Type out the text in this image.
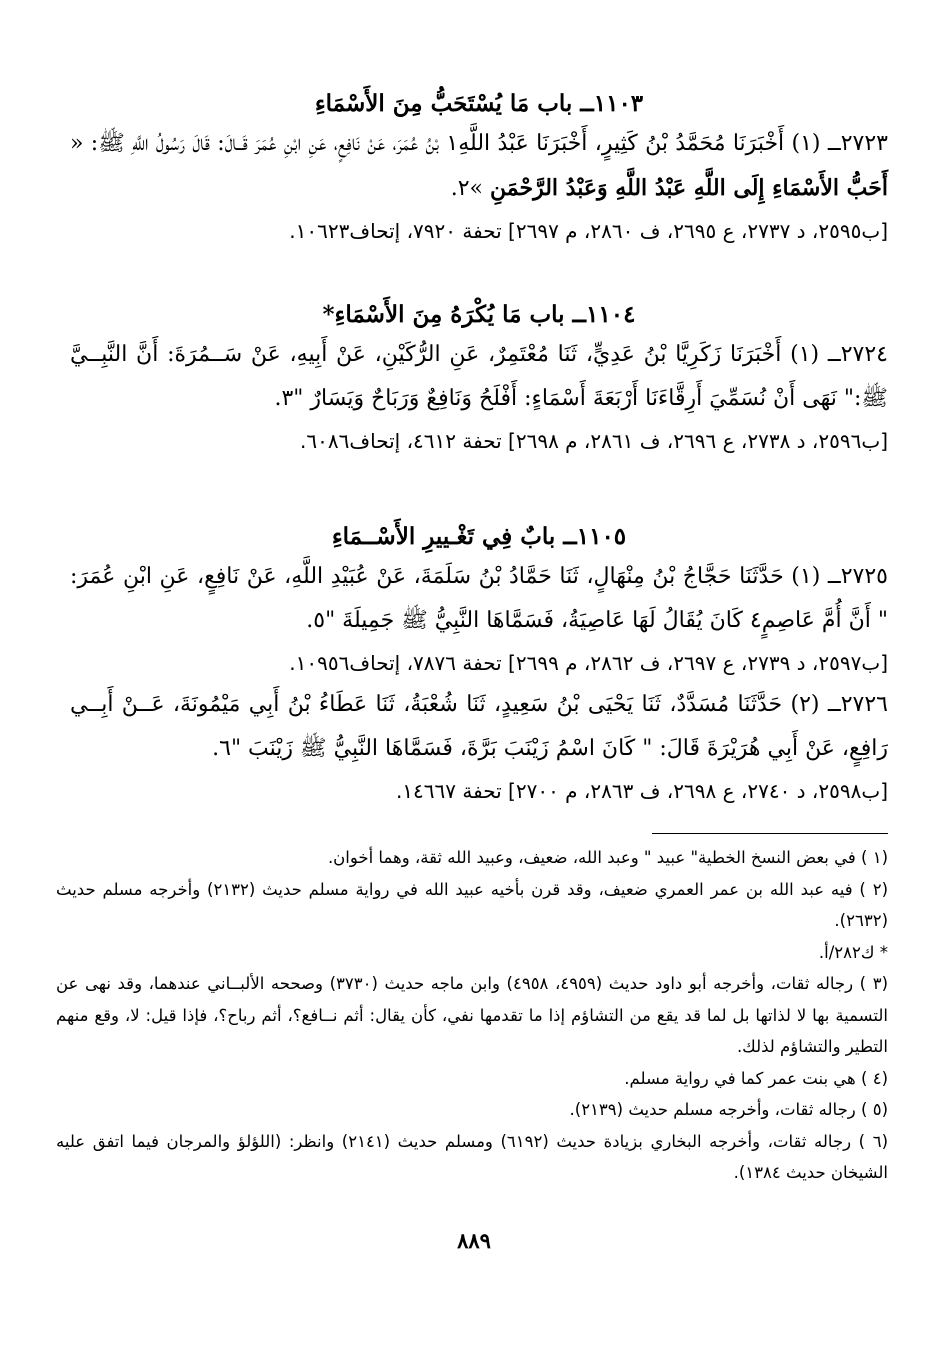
١١٠٣ــ باب مَا يُسْتَحَبُّ مِنَ الأَسْمَاءِ

٢٧٢٣ــ (١) أَخْبَرَنَا مُحَمَّدُ بْنُ كَثِيرٍ، أَخْبَرَنَا عَبْدُ اللَّهِ١ بْنُ عُمَرَ، عَنْ نَافِعٍ، عَنِ ابْنِ عُمَرَ قَــالَ: قَالَ رَسُولُ اللَّهِ ﷺ: « أَحَبُّ الأَسْمَاءِ إِلَى اللَّهِ عَبْدُ اللَّهِ وَعَبْدُ الرَّحْمَنِ »٢.

[ب٢٥٩٥، د ٢٧٣٧، ع ٢٦٩٥، ف ٢٨٦٠، م ٢٦٩٧] تحفة ٧٩٢٠، إتحاف١٠٦٢٣.

١١٠٤ــ باب مَا يُكْرَهُ مِنَ الأَسْمَاءِ*

٢٧٢٤ــ (١) أَخْبَرَنَا زَكَرِيَّا بْنُ عَدِيٍّ، ثَنَا مُعْتَمِرٌ، عَنِ الرُّكَيْنِ، عَنْ أَبِيهِ، عَنْ سَــمُرَةَ: أَنَّ النَّبِــيَّ ﷺ:" نَهَى أَنْ نُسَمِّيَ أَرِقَّاءَنَا أَرْبَعَةَ أَسْمَاءٍ: أَفْلَحُ وَنَافِعٌ وَرَبَاحٌ وَيَسَارٌ "٣.

[ب٢٥٩٦، د ٢٧٣٨، ع ٢٦٩٦، ف ٢٨٦١، م ٢٦٩٨] تحفة ٤٦١٢، إتحاف٦٠٨٦.

١١٠٥ــ بابٌ فِي تَغْـييرِ الأَسْــمَاءِ

٢٧٢٥ــ (١) حَدَّثَنَا حَجَّاجُ بْنُ مِنْهَالٍ، ثَنَا حَمَّادُ بْنُ سَلَمَةَ، عَنْ عُبَيْدِ اللَّهِ، عَنْ نَافِعٍ، عَنِ ابْنِ عُمَرَ: " أَنَّ أُمَّ عَاصِمٍ٤ كَانَ يُقَالُ لَهَا عَاصِيَةُ، فَسَمَّاهَا النَّبِيُّ ﷺ جَمِيلَةَ "٥.

[ب٢٥٩٧، د ٢٧٣٩، ع ٢٦٩٧، ف ٢٨٦٢، م ٢٦٩٩] تحفة ٧٨٧٦، إتحاف١٠٩٥٦.

٢٧٢٦ــ (٢) حَدَّثَنَا مُسَدَّدٌ، ثَنَا يَحْيَى بْنُ سَعِيدٍ، ثَنَا شُعْبَةُ، ثَنَا عَطَاءُ بْنُ أَبِي مَيْمُونَةَ، عَــنْ أَبِــي رَافِعٍ، عَنْ أَبِي هُرَيْرَةَ قَالَ: " كَانَ اسْمُ زَيْنَبَ بَرَّةَ، فَسَمَّاهَا النَّبِيُّ ﷺ زَيْنَبَ "٦.

[ب٢٥٩٨، د ٢٧٤٠، ع ٢٦٩٨، ف ٢٨٦٣، م ٢٧٠٠] تحفة ١٤٦٦٧.

(١ ) في بعض النسخ الخطية" عبيد " وعبد الله، ضعيف، وعبيد الله ثقة، وهما أخوان.

(٢ ) فيه عبد الله بن عمر العمري ضعيف، وقد قرن بأخيه عبيد الله في رواية مسلم حديث (٢١٣٢) وأخرجه مسلم حديث (٢٦٣٢).

* ك٢٨٢/أ.

(٣ ) رجاله ثقات، وأخرجه أبو داود حديث (٤٩٥٩، ٤٩٥٨) وابن ماجه حديث (٣٧٣٠) وصححه الألبــاني عندهما، وقد نهى عن التسمية بها لا لذاتها بل لما قد يقع من التشاؤم إذا ما تقدمها نفي، كأن يقال: أثم نــافع؟، أثم رباح؟، فإذا قيل: لا، وقع منهم التطير والتشاؤم لذلك.

(٤ ) هي بنت عمر كما في رواية مسلم.

(٥ ) رجاله ثقات، وأخرجه مسلم حديث (٢١٣٩).

(٦ ) رجاله ثقات، وأخرجه البخاري بزيادة حديث (٦١٩٢) ومسلم حديث (٢١٤١) وانظر: (اللؤلؤ والمرجان فيما اتفق عليه الشيخان حديث ١٣٨٤).

٨٨٩
